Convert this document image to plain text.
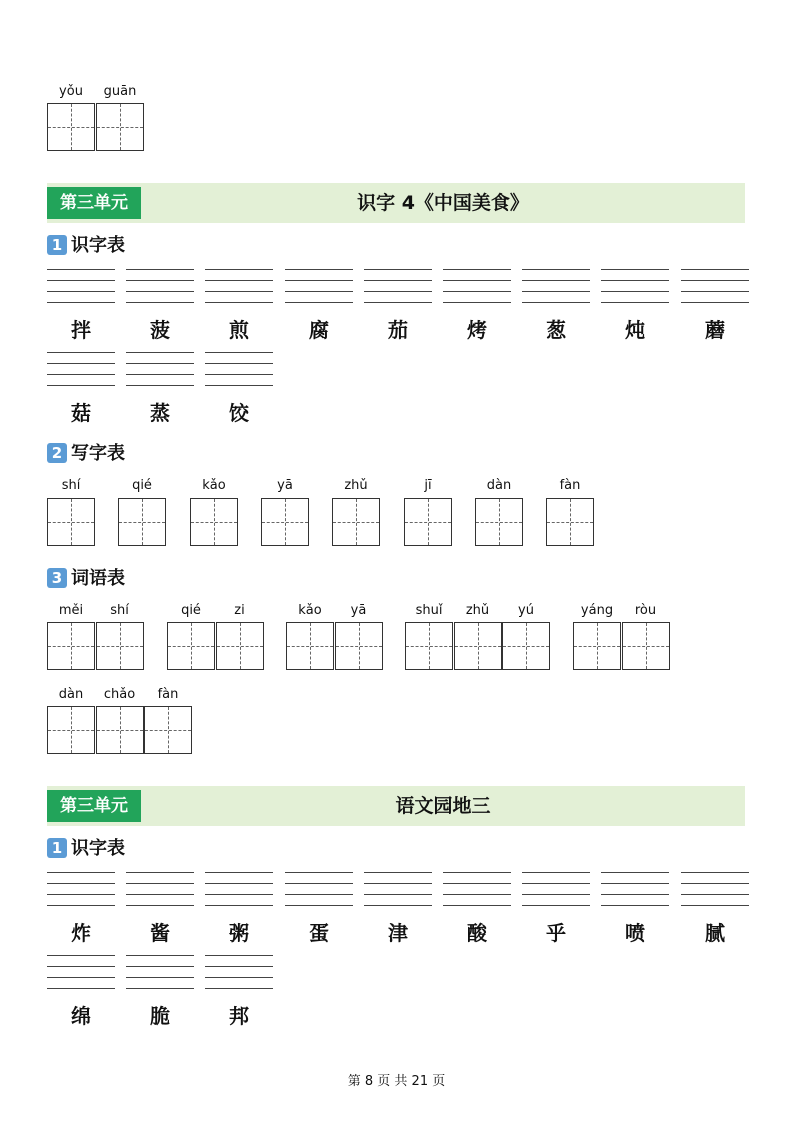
yǒu	guān
第三单元	识字 4《中国美食》
1 识字表
拌	菠	煎	腐	茄	烤	葱	炖	蘑
菇	蒸	饺
2 写字表
shí	qié	kǎo	yā	zhǔ	jī	dàn	fàn
3 词语表
měi	shí	qié	zi	kǎo	yā	shuǐ	zhǔ	yú	yáng	ròu
dàn	chǎo	fàn
第三单元	语文园地三
1 识字表
炸	酱	粥	蛋	津	酸	乎	喷	腻
绵	脆	邦
第 8 页 共 21 页
